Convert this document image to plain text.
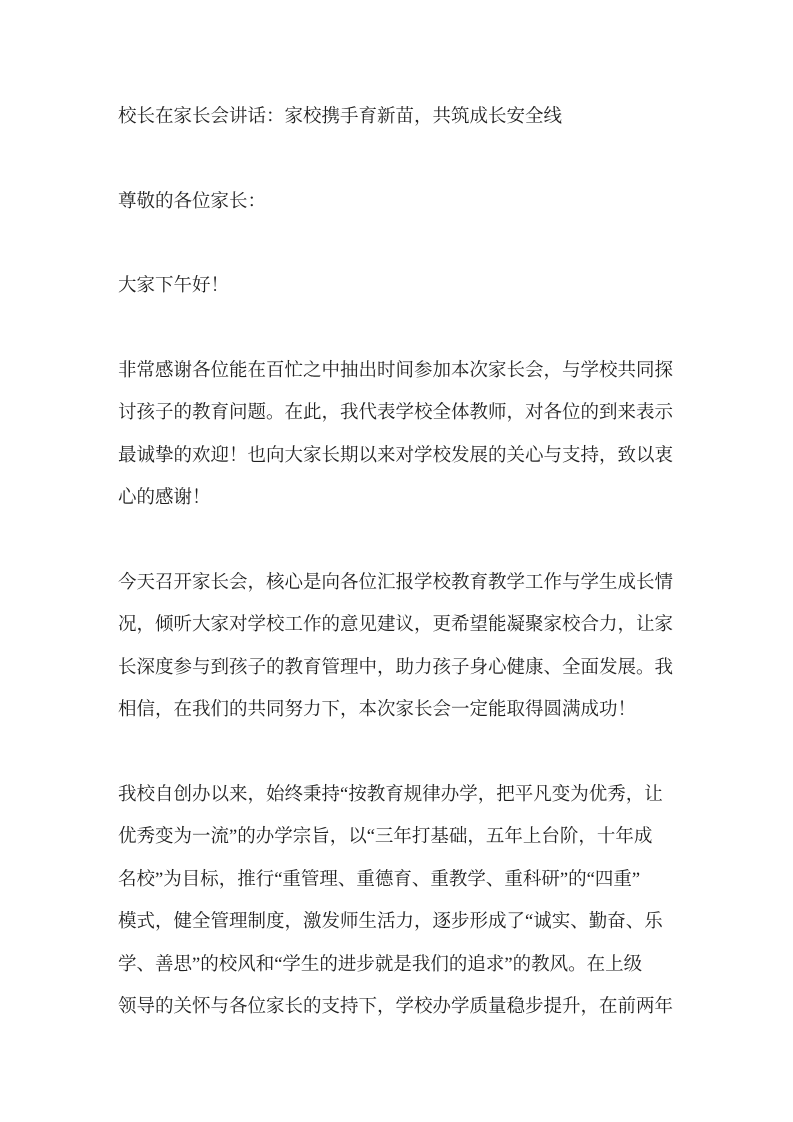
校长在家长会讲话：家校携手育新苗，共筑成长安全线
尊敬的各位家长：
大家下午好！
非常感谢各位能在百忙之中抽出时间参加本次家长会，与学校共同探
讨孩子的教育问题。在此，我代表学校全体教师，对各位的到来表示
最诚挚的欢迎！也向大家长期以来对学校发展的关心与支持，致以衷
心的感谢！
今天召开家长会，核心是向各位汇报学校教育教学工作与学生成长情
况，倾听大家对学校工作的意见建议，更希望能凝聚家校合力，让家
长深度参与到孩子的教育管理中，助力孩子身心健康、全面发展。我
相信，在我们的共同努力下，本次家长会一定能取得圆满成功！
我校自创办以来，始终秉持“按教育规律办学，把平凡变为优秀，让
优秀变为一流”的办学宗旨，以“三年打基础，五年上台阶，十年成
名校”为目标，推行“重管理、重德育、重教学、重科研”的“四重”
模式，健全管理制度，激发师生活力，逐步形成了“诚实、勤奋、乐
学、善思”的校风和“学生的进步就是我们的追求”的教风。在上级
领导的关怀与各位家长的支持下，学校办学质量稳步提升，在前两年
